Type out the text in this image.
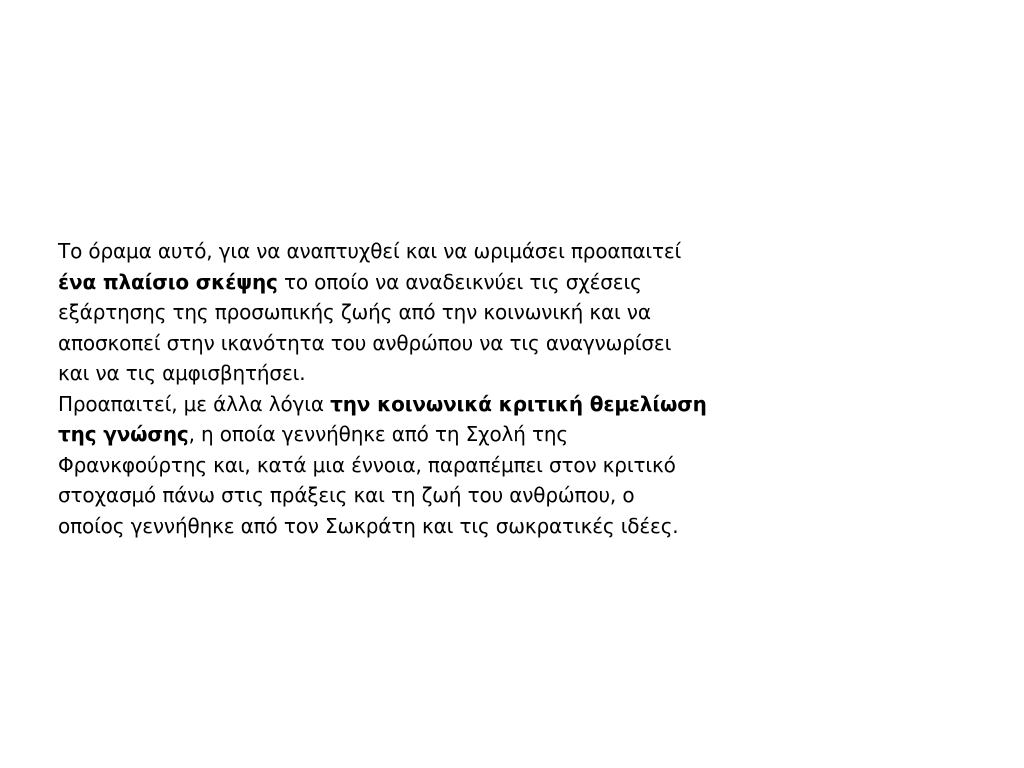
Το όραμα αυτό, για να αναπτυχθεί και να ωριμάσει προαπαιτεί
ένα πλαίσιο σκέψης το οποίο να αναδεικνύει τις σχέσεις
εξάρτησης της προσωπικής ζωής από την κοινωνική και να
αποσκοπεί στην ικανότητα του ανθρώπου να τις αναγνωρίσει
και να τις αμφισβητήσει.
Προαπαιτεί, με άλλα λόγια την κοινωνικά κριτική θεμελίωση
της γνώσης, η οποία γεννήθηκε από τη Σχολή της
Φρανκφούρτης και, κατά μια έννοια, παραπέμπει στον κριτικό
στοχασμό πάνω στις πράξεις και τη ζωή του ανθρώπου, ο
οποίος γεννήθηκε από τον Σωκράτη και τις σωκρατικές ιδέες.
